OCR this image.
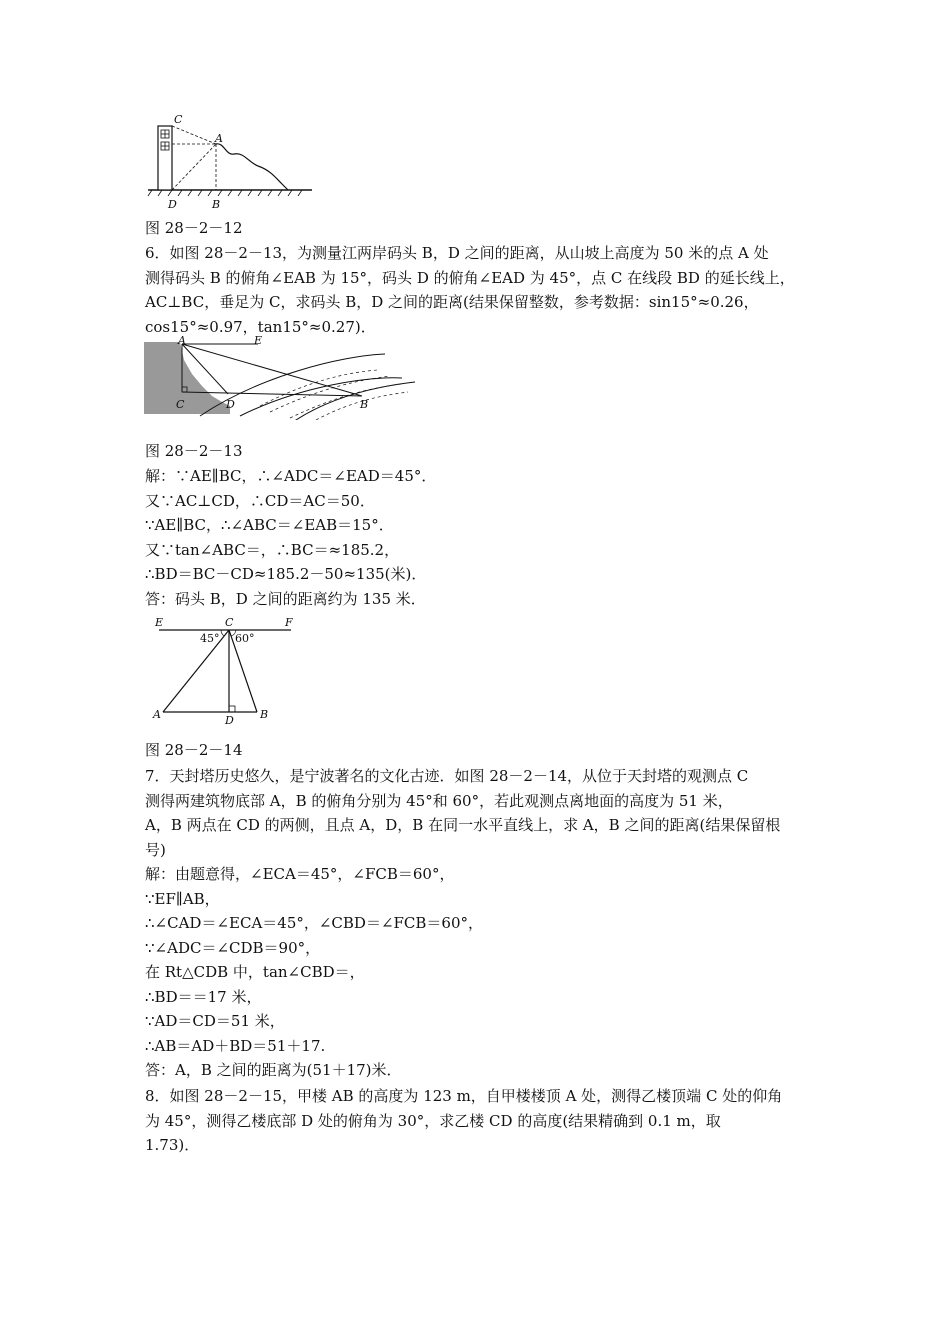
C
A
D	B
图 28－2－12
6．如图 28－2－13，为测量江两岸码头 B，D 之间的距离，从山坡上高度为 50 米的点 A 处
测得码头 B 的俯角∠EAB 为 15°，码头 D 的俯角∠EAD 为 45°，点 C 在线段 BD 的延长线上，
AC⊥BC，垂足为 C，求码头 B，D 之间的距离(结果保留整数，参考数据：sin15°≈0.26，
cos15°≈0.97，tan15°≈0.27)．
A	E
C	D	B
图 28－2－13
解：∵AE∥BC，∴∠ADC＝∠EAD＝45°．
又∵AC⊥CD，∴CD＝AC＝50．
∵AE∥BC，∴∠ABC＝∠EAB＝15°．
又∵tan∠ABC＝，∴BC＝≈185.2，
∴BD＝BC－CD≈185.2－50≈135(米)．
答：码头 B，D 之间的距离约为 135 米．
E	C	F
45° 60°
A	D B
图 28－2－14
7．天封塔历史悠久，是宁波著名的文化古迹．如图 28－2－14，从位于天封塔的观测点 C
测得两建筑物底部 A，B 的俯角分别为 45°和 60°，若此观测点离地面的高度为 51 米，
A，B 两点在 CD 的两侧，且点 A，D，B 在同一水平直线上，求 A，B 之间的距离(结果保留根
号)
解：由题意得，∠ECA＝45°，∠FCB＝60°，
∵EF∥AB，
∴∠CAD＝∠ECA＝45°，∠CBD＝∠FCB＝60°，
∵∠ADC＝∠CDB＝90°，
在 Rt△CDB 中，tan∠CBD＝，
∴BD＝＝17 米，
∵AD＝CD＝51 米，
∴AB＝AD＋BD＝51＋17.
答：A，B 之间的距离为(51＋17)米．
8．如图 28－2－15，甲楼 AB 的高度为 123 m，自甲楼楼顶 A 处，测得乙楼顶端 C 处的仰角
为 45°，测得乙楼底部 D 处的俯角为 30°，求乙楼 CD 的高度(结果精确到 0.1 m，取
1.73)．
